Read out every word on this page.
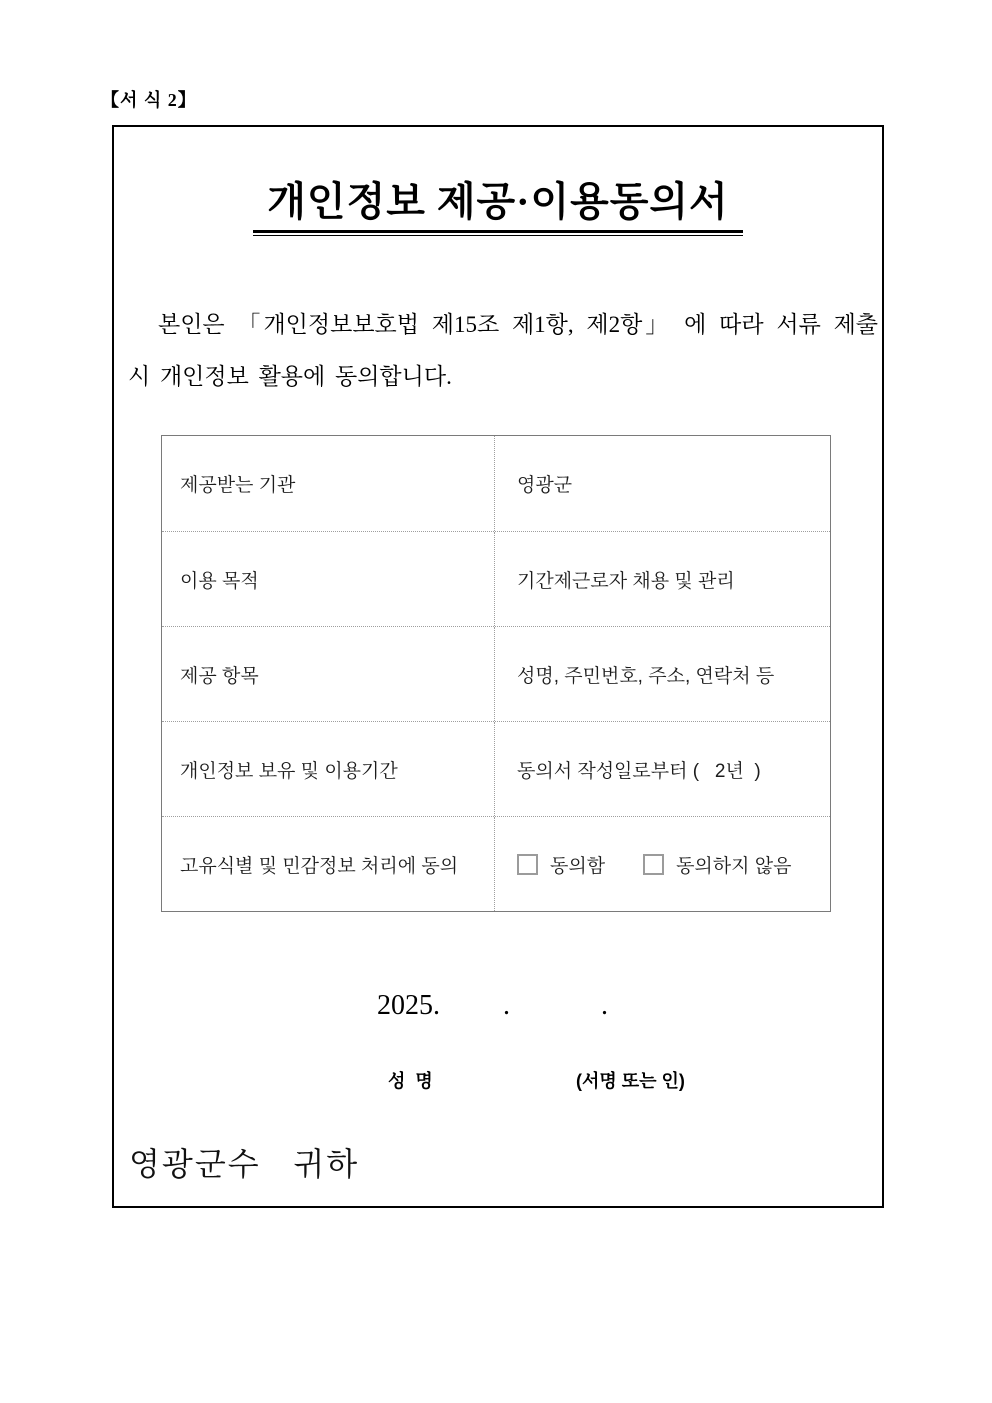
【서 식 2】
개인정보 제공·이용동의서
본인은 「개인정보보호법 제15조 제1항, 제2항」 에 따라 서류 제출
시 개인정보 활용에 동의합니다.
제공받는 기관	영광군
이용 목적	기간제근로자 채용 및 관리
제공 항목	성명, 주민번호, 주소, 연락처 등
개인정보 보유 및 이용기간	동의서 작성일로부터 (   2년  )
고유식별 및 민감정보 처리에 동의	동의함	동의하지 않음
2025.         .             .
성  명	(서명 또는 인)
영광군수   귀하
